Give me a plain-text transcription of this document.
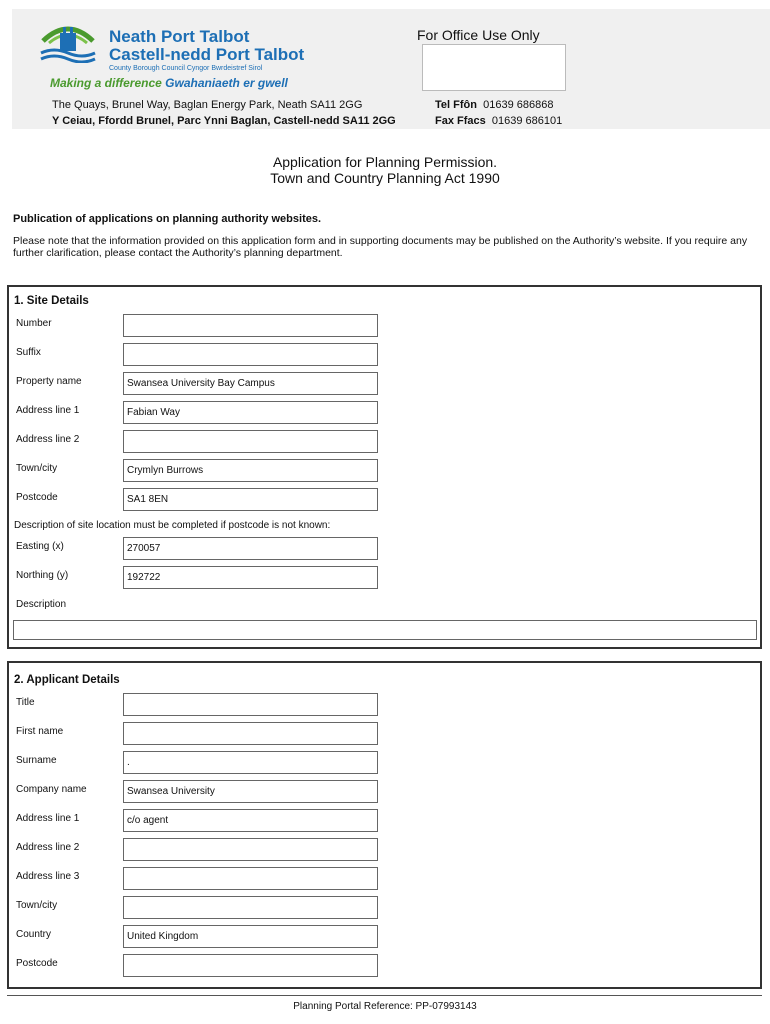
Neath Port Talbot
Castell-nedd Port Talbot
County Borough Council Cyngor Bwrdeistref Sirol
Making a difference Gwahaniaeth er gwell
The Quays, Brunel Way, Baglan Energy Park, Neath SA11 2GG
Y Ceiau, Ffordd Brunel, Parc Ynni Baglan, Castell-nedd SA11 2GG
For Office Use Only
Tel Ffôn 01639 686868
Fax Ffacs 01639 686101
Application for Planning Permission.
Town and Country Planning Act 1990
Publication of applications on planning authority websites.
Please note that the information provided on this application form and in supporting documents may be published on the Authority’s website. If you require any further clarification, please contact the Authority’s planning department.
1. Site Details
Number
Suffix
Property name	Swansea University Bay Campus
Address line 1	Fabian Way
Address line 2
Town/city	Crymlyn Burrows
Postcode	SA1 8EN
Description of site location must be completed if postcode is not known:
Easting (x)	270057
Northing (y)	192722
Description
2. Applicant Details
Title
First name
Surname	.
Company name	Swansea University
Address line 1	c/o agent
Address line 2
Address line 3
Town/city
Country	United Kingdom
Postcode
Planning Portal Reference: PP-07993143
